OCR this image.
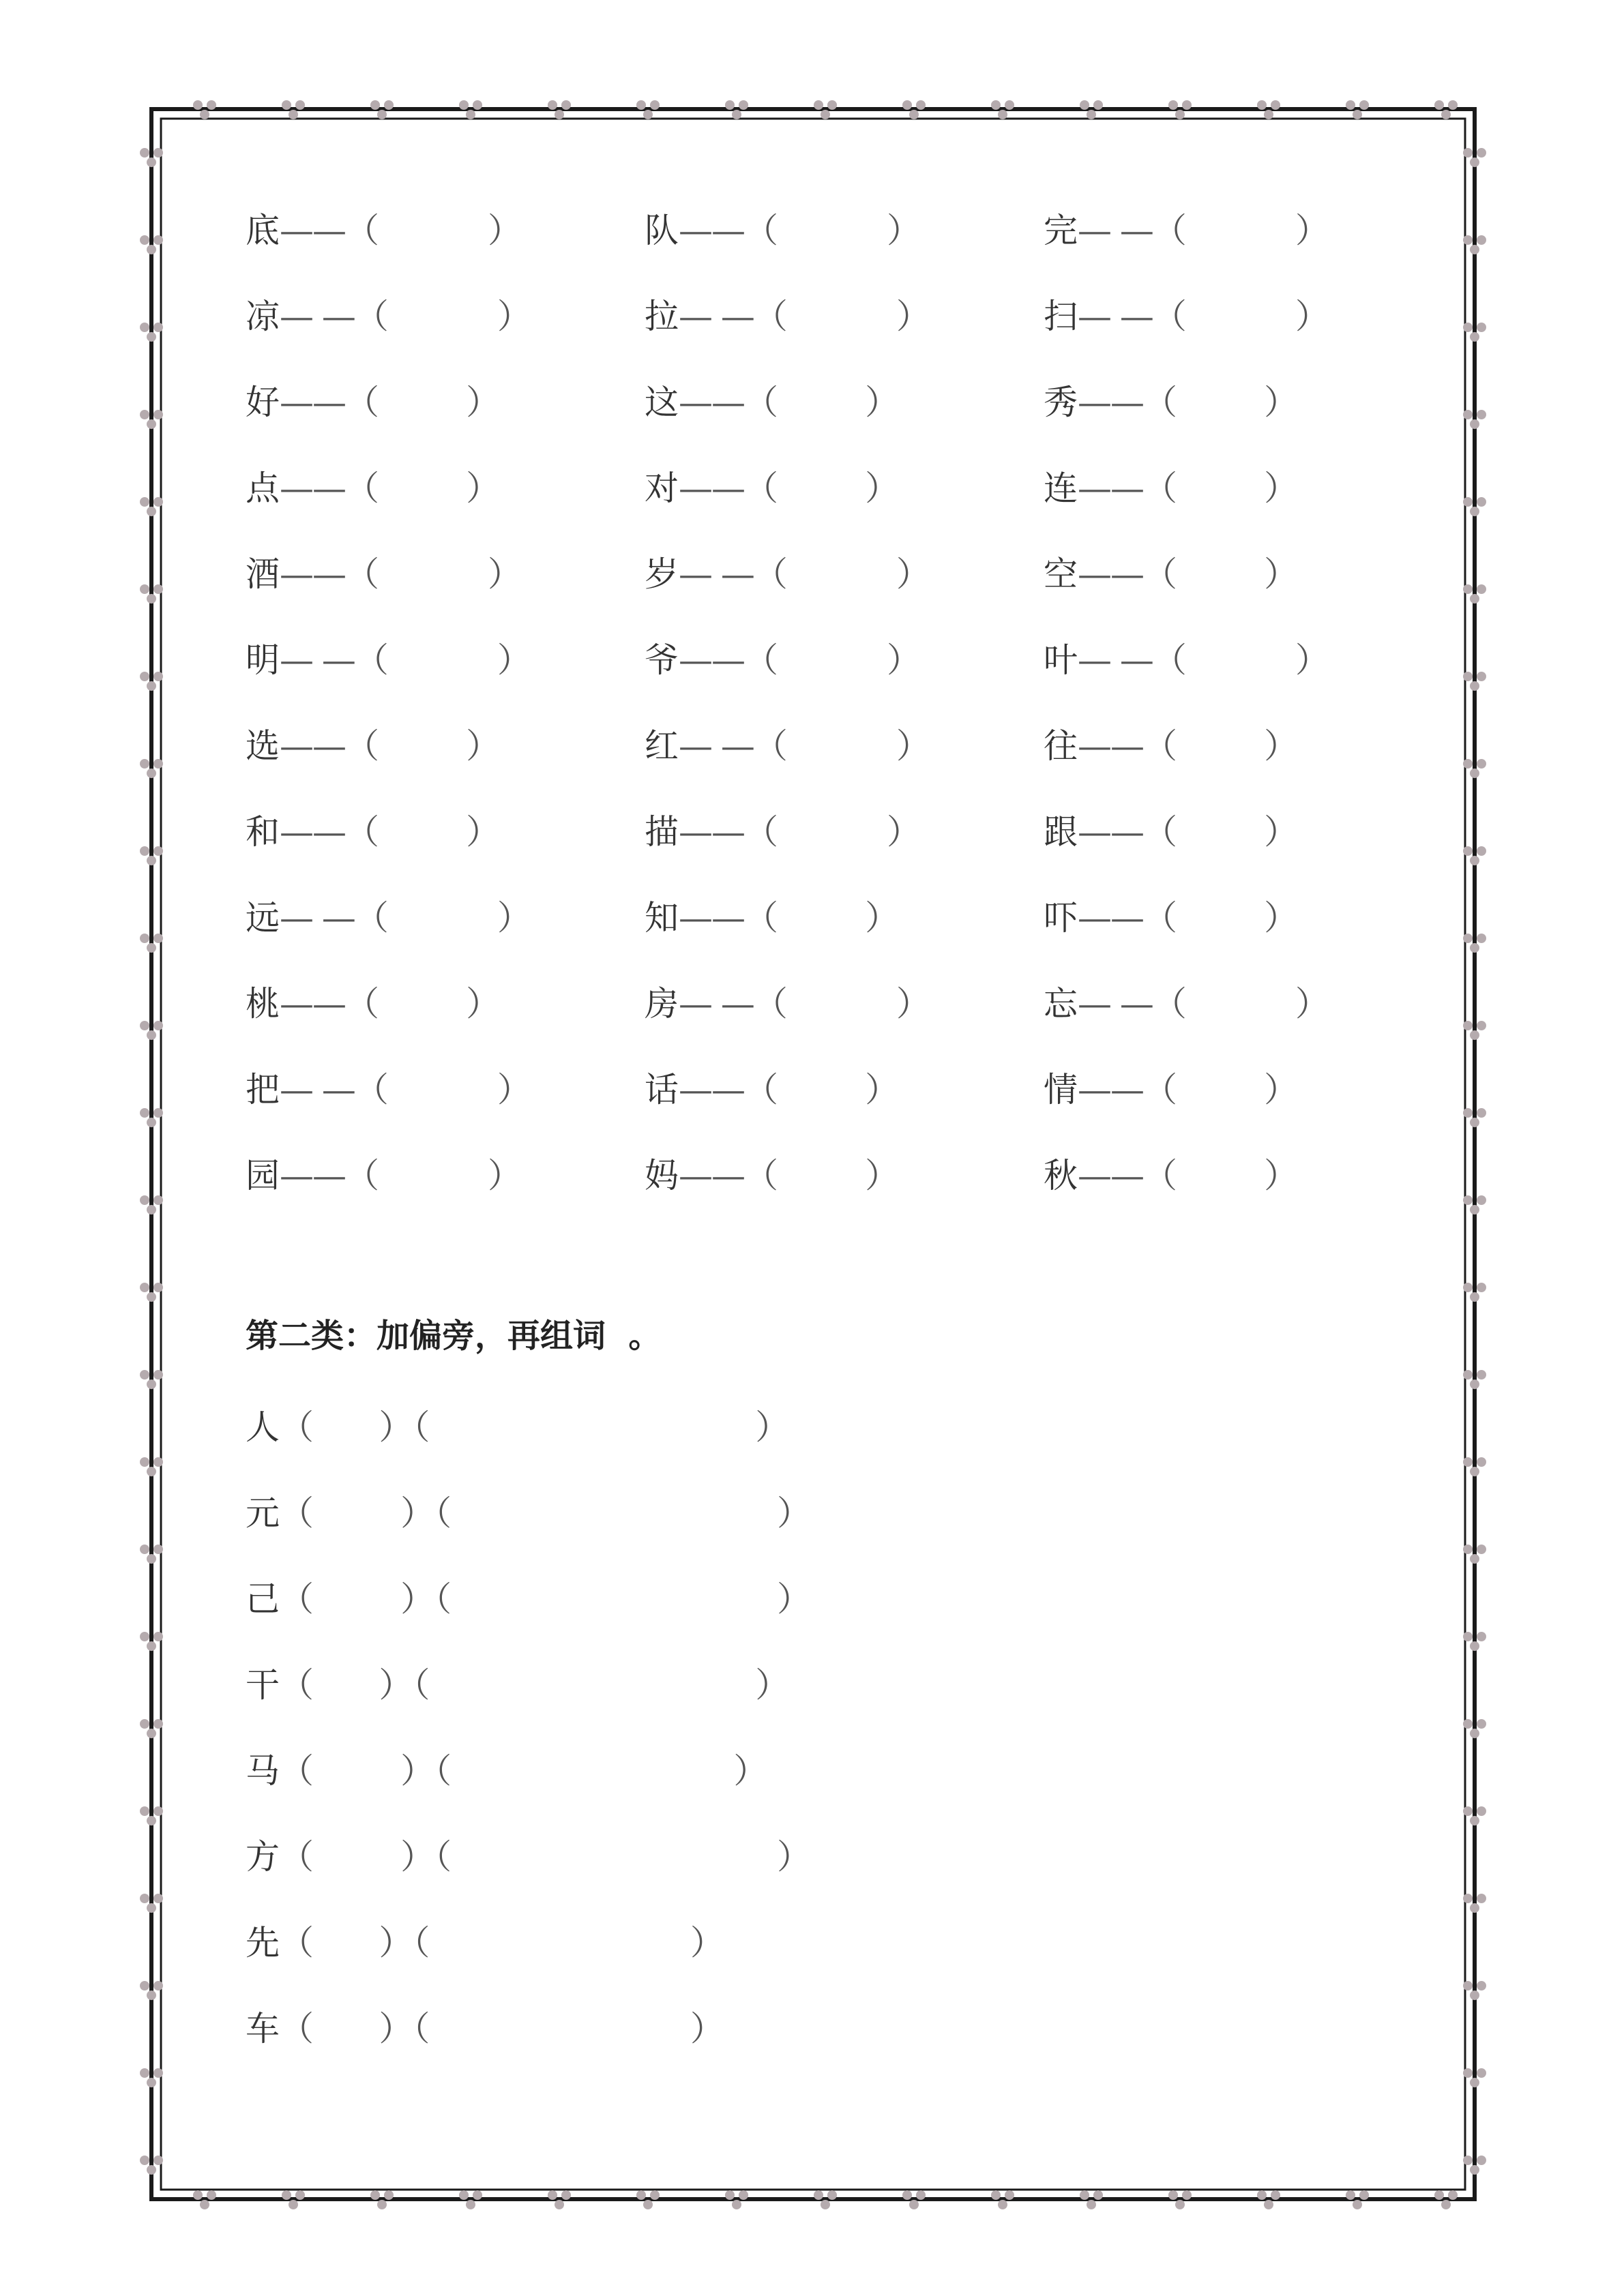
底——（	）	队——（	）	完— —（	）
凉— —（	）	拉— —（	）	扫— —（	）
好——（	）	这——（	）	秀——（	）
点——（	）	对——（	）	连——（	）
酒——（	）	岁— —（	）	空——（	）
明— —（	）	爷——（	）	叶— —（	）
选——（	）	红— —（	）	往——（	）
和——（	）	描——（	）	跟——（	）
远— —（	）	知——（	）	吓——（	）
桃——（	）	房— —（	）	忘— —（	）
把— —（	）	话——（	）	情——（	）
园——（	）	妈——（	）	秋——（	）
第二类：加偏旁，再组词  。
人（ ）（	）
元（	）（	）
己（	）（	）
干（ ）（	）
马（	）（	）
方（	）（	）
先（ ）（	）
车（ ）（	）
